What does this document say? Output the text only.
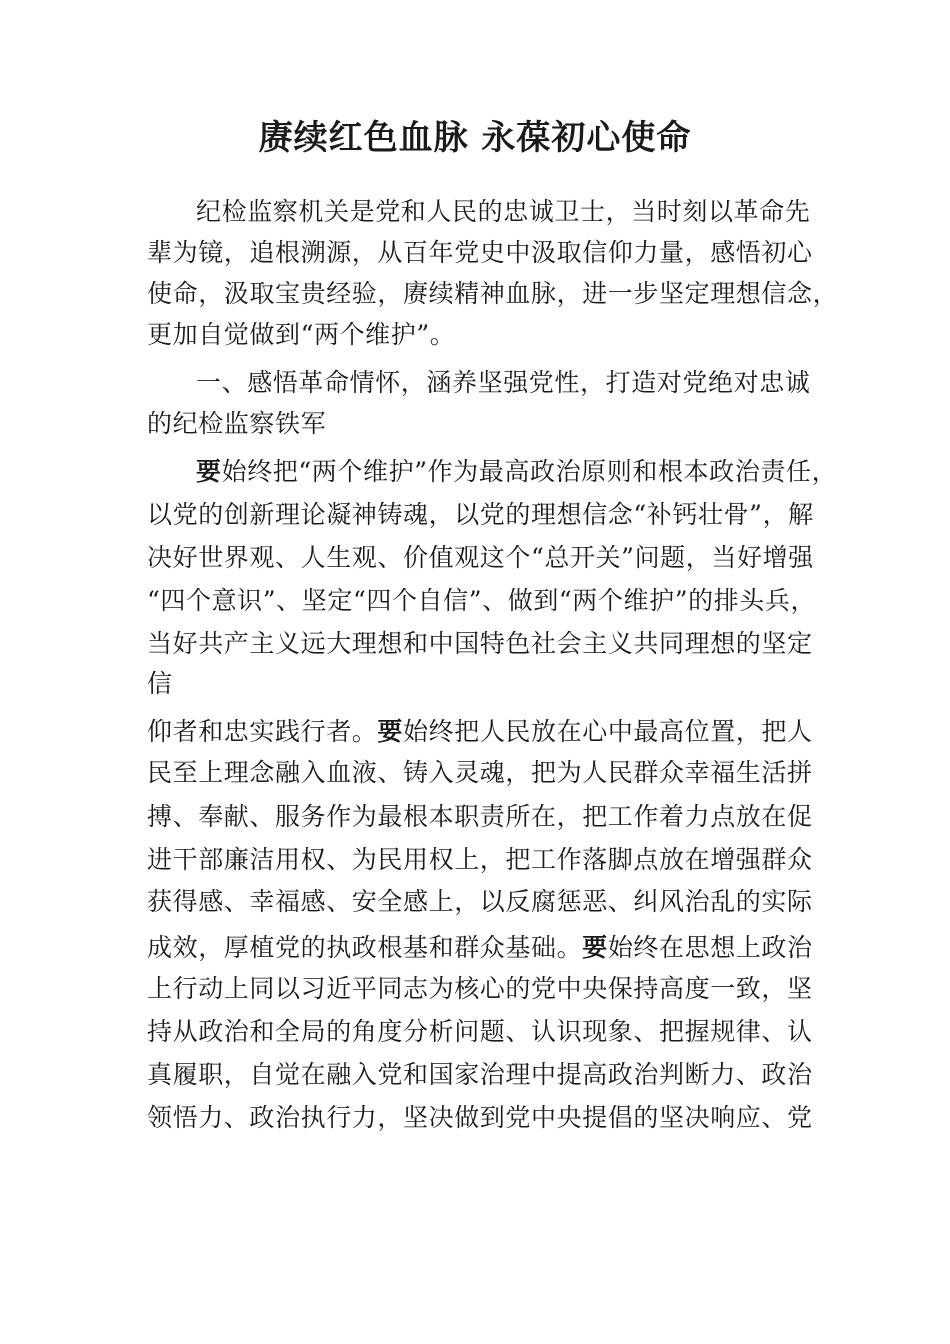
赓续红色血脉 永葆初心使命
纪检监察机关是党和人民的忠诚卫士，当时刻以革命先
辈为镜，追根溯源，从百年党史中汲取信仰力量，感悟初心
使命，汲取宝贵经验，赓续精神血脉，进一步坚定理想信念，
更加自觉做到“两个维护”。
一、感悟革命情怀，涵养坚强党性，打造对党绝对忠诚
的纪检监察铁军
要始终把“两个维护”作为最高政治原则和根本政治责任，
以党的创新理论凝神铸魂，以党的理想信念“补钙壮骨”，解
决好世界观、人生观、价值观这个“总开关”问题，当好增强
“四个意识”、坚定“四个自信”、做到“两个维护”的排头兵，
当好共产主义远大理想和中国特色社会主义共同理想的坚定
信
仰者和忠实践行者。要始终把人民放在心中最高位置，把人
民至上理念融入血液、铸入灵魂，把为人民群众幸福生活拼
搏、奉献、服务作为最根本职责所在，把工作着力点放在促
进干部廉洁用权、为民用权上，把工作落脚点放在增强群众
获得感、幸福感、安全感上，以反腐惩恶、纠风治乱的实际
成效，厚植党的执政根基和群众基础。要始终在思想上政治
上行动上同以习近平同志为核心的党中央保持高度一致，坚
持从政治和全局的角度分析问题、认识现象、把握规律、认
真履职，自觉在融入党和国家治理中提高政治判断力、政治
领悟力、政治执行力，坚决做到党中央提倡的坚决响应、党
